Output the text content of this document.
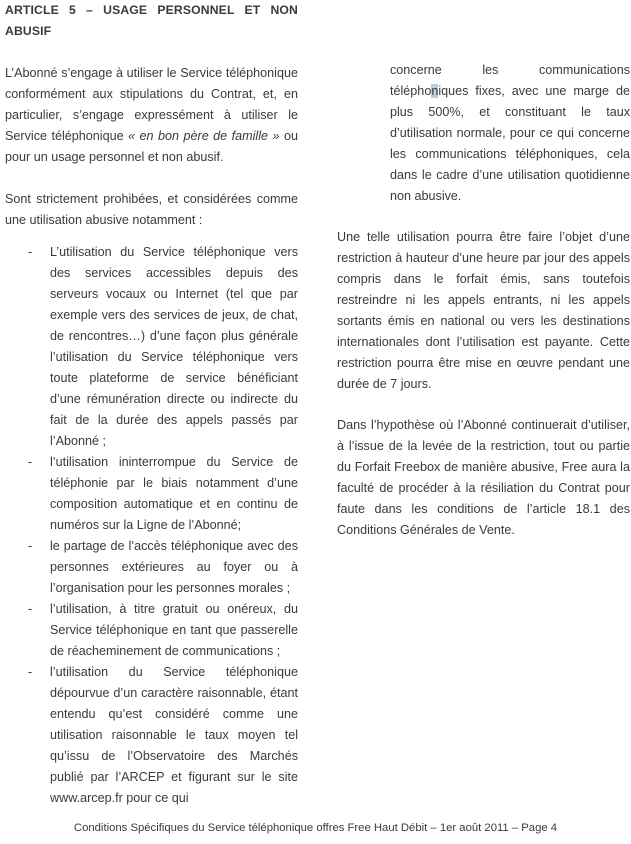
ARTICLE 5 – USAGE PERSONNEL ET NON ABUSIF

L’Abonné s’engage à utiliser le Service téléphonique conformément aux stipulations du Contrat, et, en particulier, s’engage expressément à utiliser le Service téléphonique « en bon père de famille » ou pour un usage personnel et non abusif.

Sont strictement prohibées, et considérées comme une utilisation abusive notamment :

-	L’utilisation du Service téléphonique vers des services accessibles depuis des serveurs vocaux ou Internet (tel que par exemple vers des services de jeux, de chat, de rencontres…) d’une façon plus générale l’utilisation du Service téléphonique vers toute plateforme de service bénéficiant d’une rémunération directe ou indirecte du fait de la durée des appels passés par l’Abonné ;
-	l’utilisation ininterrompue du Service de téléphonie par le biais notamment d’une composition automatique et en continu de numéros sur la Ligne de l’Abonné;
-	le partage de l’accès téléphonique avec des personnes extérieures au foyer ou à l’organisation pour les personnes morales ;
-	l’utilisation, à titre gratuit ou onéreux, du Service téléphonique en tant que passerelle de réacheminement de communications ;
-	l’utilisation du Service téléphonique dépourvue d’un caractère raisonnable, étant entendu qu’est considéré comme une utilisation raisonnable le taux moyen tel qu’issu de l’Observatoire des Marchés publié par l’ARCEP et figurant sur le site www.arcep.fr pour ce qui

concerne les communications téléphoniques fixes, avec une marge de plus 500%, et constituant le taux d’utilisation normale, pour ce qui concerne les communications téléphoniques, cela dans le cadre d’une utilisation quotidienne non abusive.

Une telle utilisation pourra être faire l’objet d’une restriction à hauteur d’une heure par jour des appels compris dans le forfait émis, sans toutefois restreindre ni les appels entrants, ni les appels sortants émis en national ou vers les destinations internationales dont l’utilisation est payante. Cette restriction pourra être mise en œuvre pendant une durée de 7 jours.

Dans l’hypothèse où l’Abonné continuerait d’utiliser, à l’issue de la levée de la restriction, tout ou partie du Forfait Freebox de manière abusive, Free aura la faculté de procéder à la résiliation du Contrat pour faute dans les conditions de l’article 18.1 des Conditions Générales de Vente.

Conditions Spécifiques du Service téléphonique offres Free Haut Débit – 1er août 2011 – Page 4
